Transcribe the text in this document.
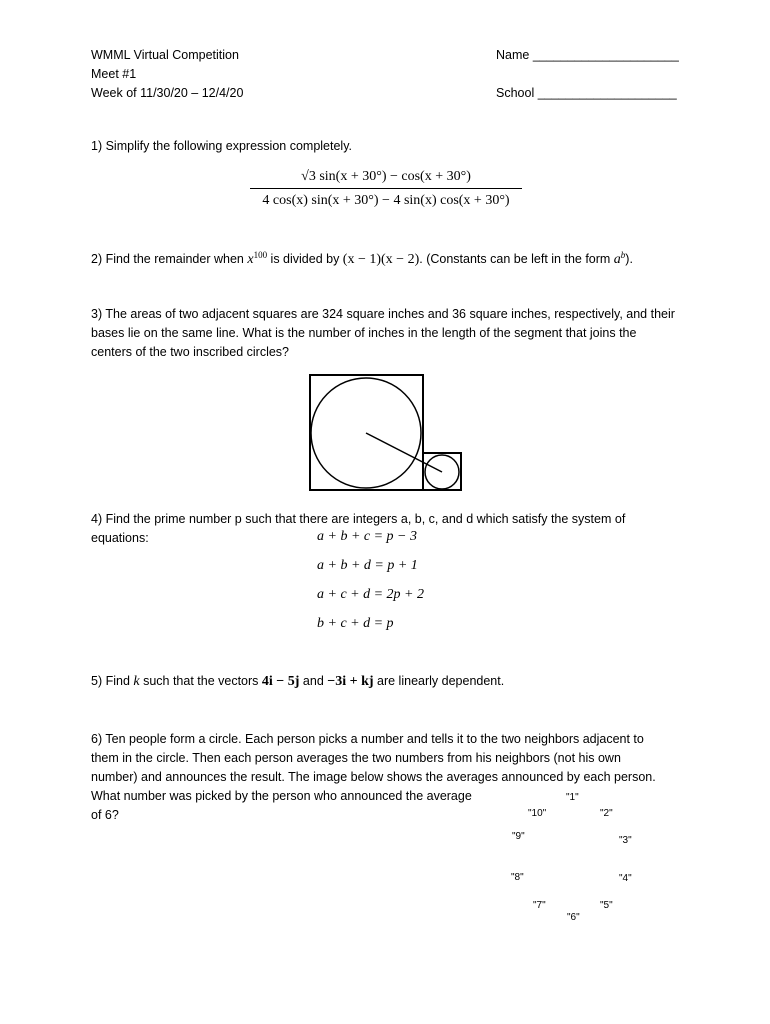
WMML Virtual Competition
Meet #1
Week of 11/30/20 – 12/4/20
Name _____________________
School ____________________
1) Simplify the following expression completely.
√3 sin(x + 30°) − cos(x + 30°)
4 cos(x) sin(x + 30°) − 4 sin(x) cos(x + 30°)
2) Find the remainder when $x^{100}$ is divided by (x − 1)(x − 2). (Constants can be left in the form $a^b$).
3) The areas of two adjacent squares are 324 square inches and 36 square inches, respectively, and their
bases lie on the same line. What is the number of inches in the length of the segment that joins the
centers of the two inscribed circles?
4) Find the prime number p such that there are integers a, b, c, and d which satisfy the system of
equations:	a + b + c = p − 3
a + b + d = p + 1
a + c + d = 2p + 2
b + c + d = p
5) Find k such that the vectors 4i − 5j and −3i + kj are linearly dependent.
6) Ten people form a circle. Each person picks a number and tells it to the two neighbors adjacent to
them in the circle. Then each person averages the two numbers from his neighbors (not his own
number) and announces the result. The image below shows the averages announced by each person.
What number was picked by the person who announced the average
of 6?
"1"
"2"
"3"
"4"
"5"
"6"
"7"
"8"
"9"
"10"
